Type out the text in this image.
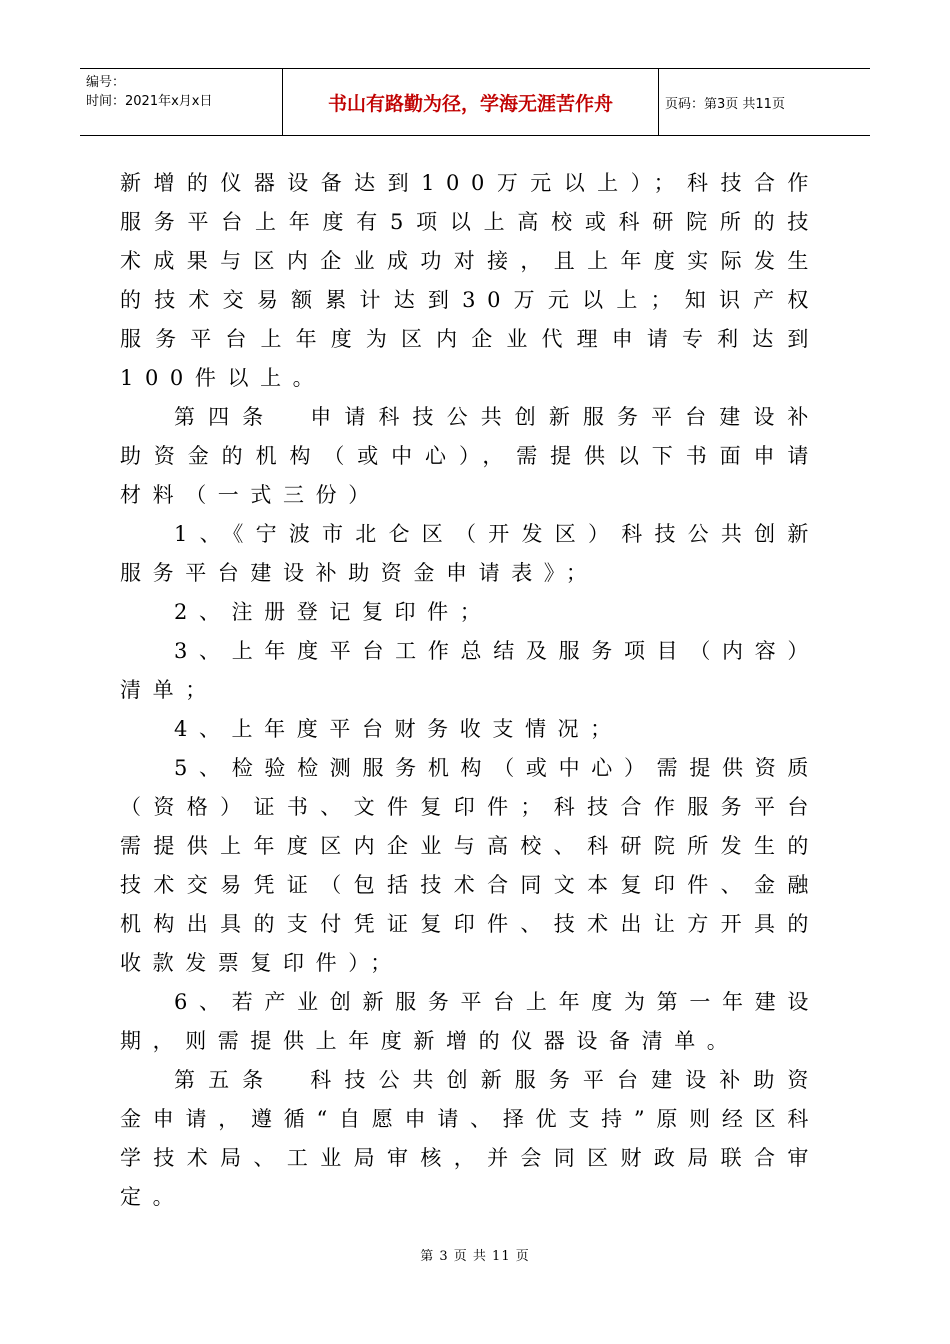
编号：
时间：2021年x月x日	书山有路勤为径，学海无涯苦作舟	页码：第3页 共11页

新增的仪器设备达到100万元以上）；科技合作服务平台上年度有5项以上高校或科研院所的技术成果与区内企业成功对接，且上年度实际发生的技术交易额累计达到30万元以上；知识产权服务平台上年度为区内企业代理申请专利达到100件以上。

第四条　申请科技公共创新服务平台建设补助资金的机构（或中心），需提供以下书面申请材料（一式三份）

1、《宁波市北仑区（开发区）科技公共创新服务平台建设补助资金申请表》；

2、注册登记复印件；

3、上年度平台工作总结及服务项目（内容）清单；

4、上年度平台财务收支情况；

5、检验检测服务机构（或中心）需提供资质（资格）证书、文件复印件；科技合作服务平台需提供上年度区内企业与高校、科研院所发生的技术交易凭证（包括技术合同文本复印件、金融机构出具的支付凭证复印件、技术出让方开具的收款发票复印件）；

6、若产业创新服务平台上年度为第一年建设期，则需提供上年度新增的仪器设备清单。

第五条　科技公共创新服务平台建设补助资金申请，遵循“自愿申请、择优支持”原则经区科学技术局、工业局审核，并会同区财政局联合审定。

第 3 页 共 11 页
